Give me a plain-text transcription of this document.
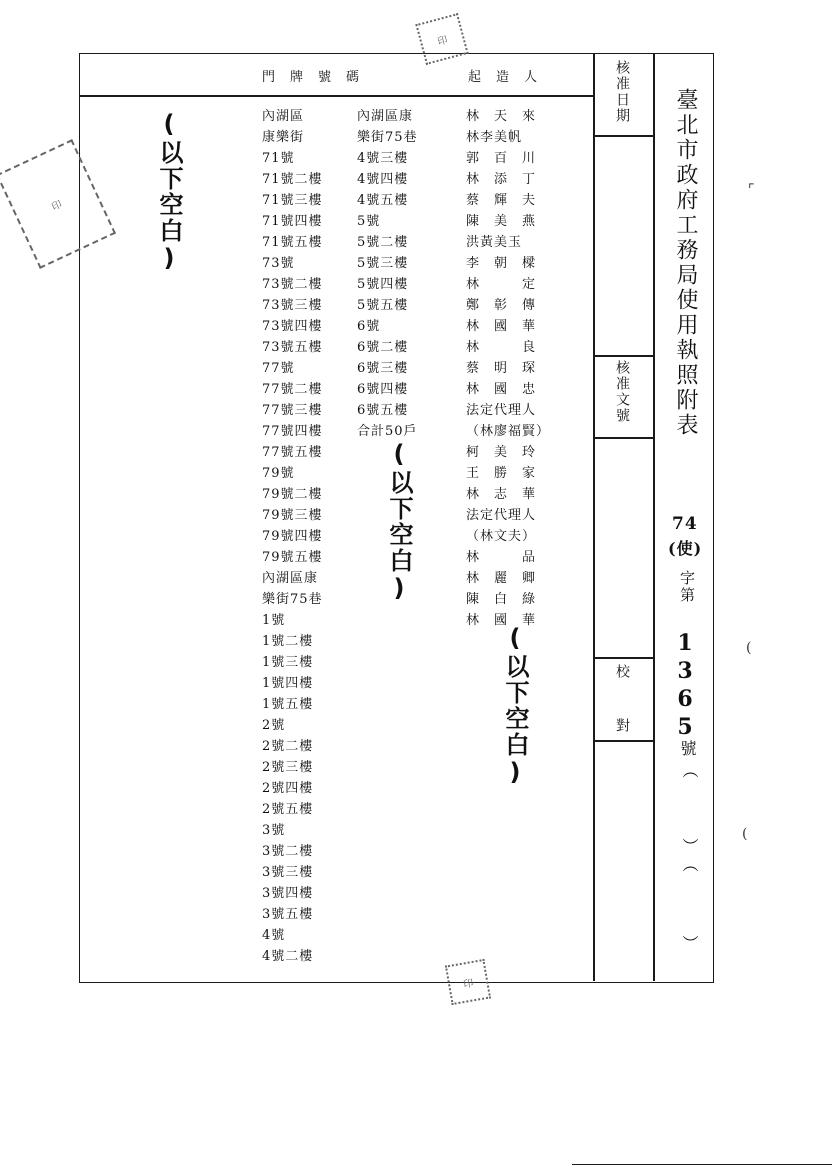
門　牌　號　碼	起　造　人	核准日期
核准文號
校對
臺北市政府工務局使用執照附表
74
(使)
字第
1365
號
︵
︶︵
︶
內湖區
康樂街
71號
71號二樓
71號三樓
71號四樓
71號五樓
73號
73號二樓
73號三樓
73號四樓
73號五樓
77號
77號二樓
77號三樓
77號四樓
77號五樓
79號
79號二樓
79號三樓
79號四樓
79號五樓
內湖區康
樂街75巷
1號
1號二樓
1號三樓
1號四樓
1號五樓
2號
2號二樓
2號三樓
2號四樓
2號五樓
3號
3號二樓
3號三樓
3號四樓
3號五樓
4號
4號二樓
內湖區康
樂街75巷
4號三樓
4號四樓
4號五樓
5號
5號二樓
5號三樓
5號四樓
5號五樓
6號
6號二樓
6號三樓
6號四樓
6號五樓
合計50戶
林　天　來
林李美帆
郭　百　川
林　添　丁
蔡　輝　夫
陳　美　燕
洪黃美玉
李　朝　樑
林　　　定
鄭　彰　傳
林　國　華
林　　　良
蔡　明　琛
林　國　忠
法定代理人
（林廖福賢）
柯　美　玲
王　勝　家
林　志　華
法定代理人
（林文夫）
林　　　品
林　麗　卿
陳　白　綠
林　國　華
(以下空白)
(以下空白)
(以下空白)
印
印
印
⌜
(
(
